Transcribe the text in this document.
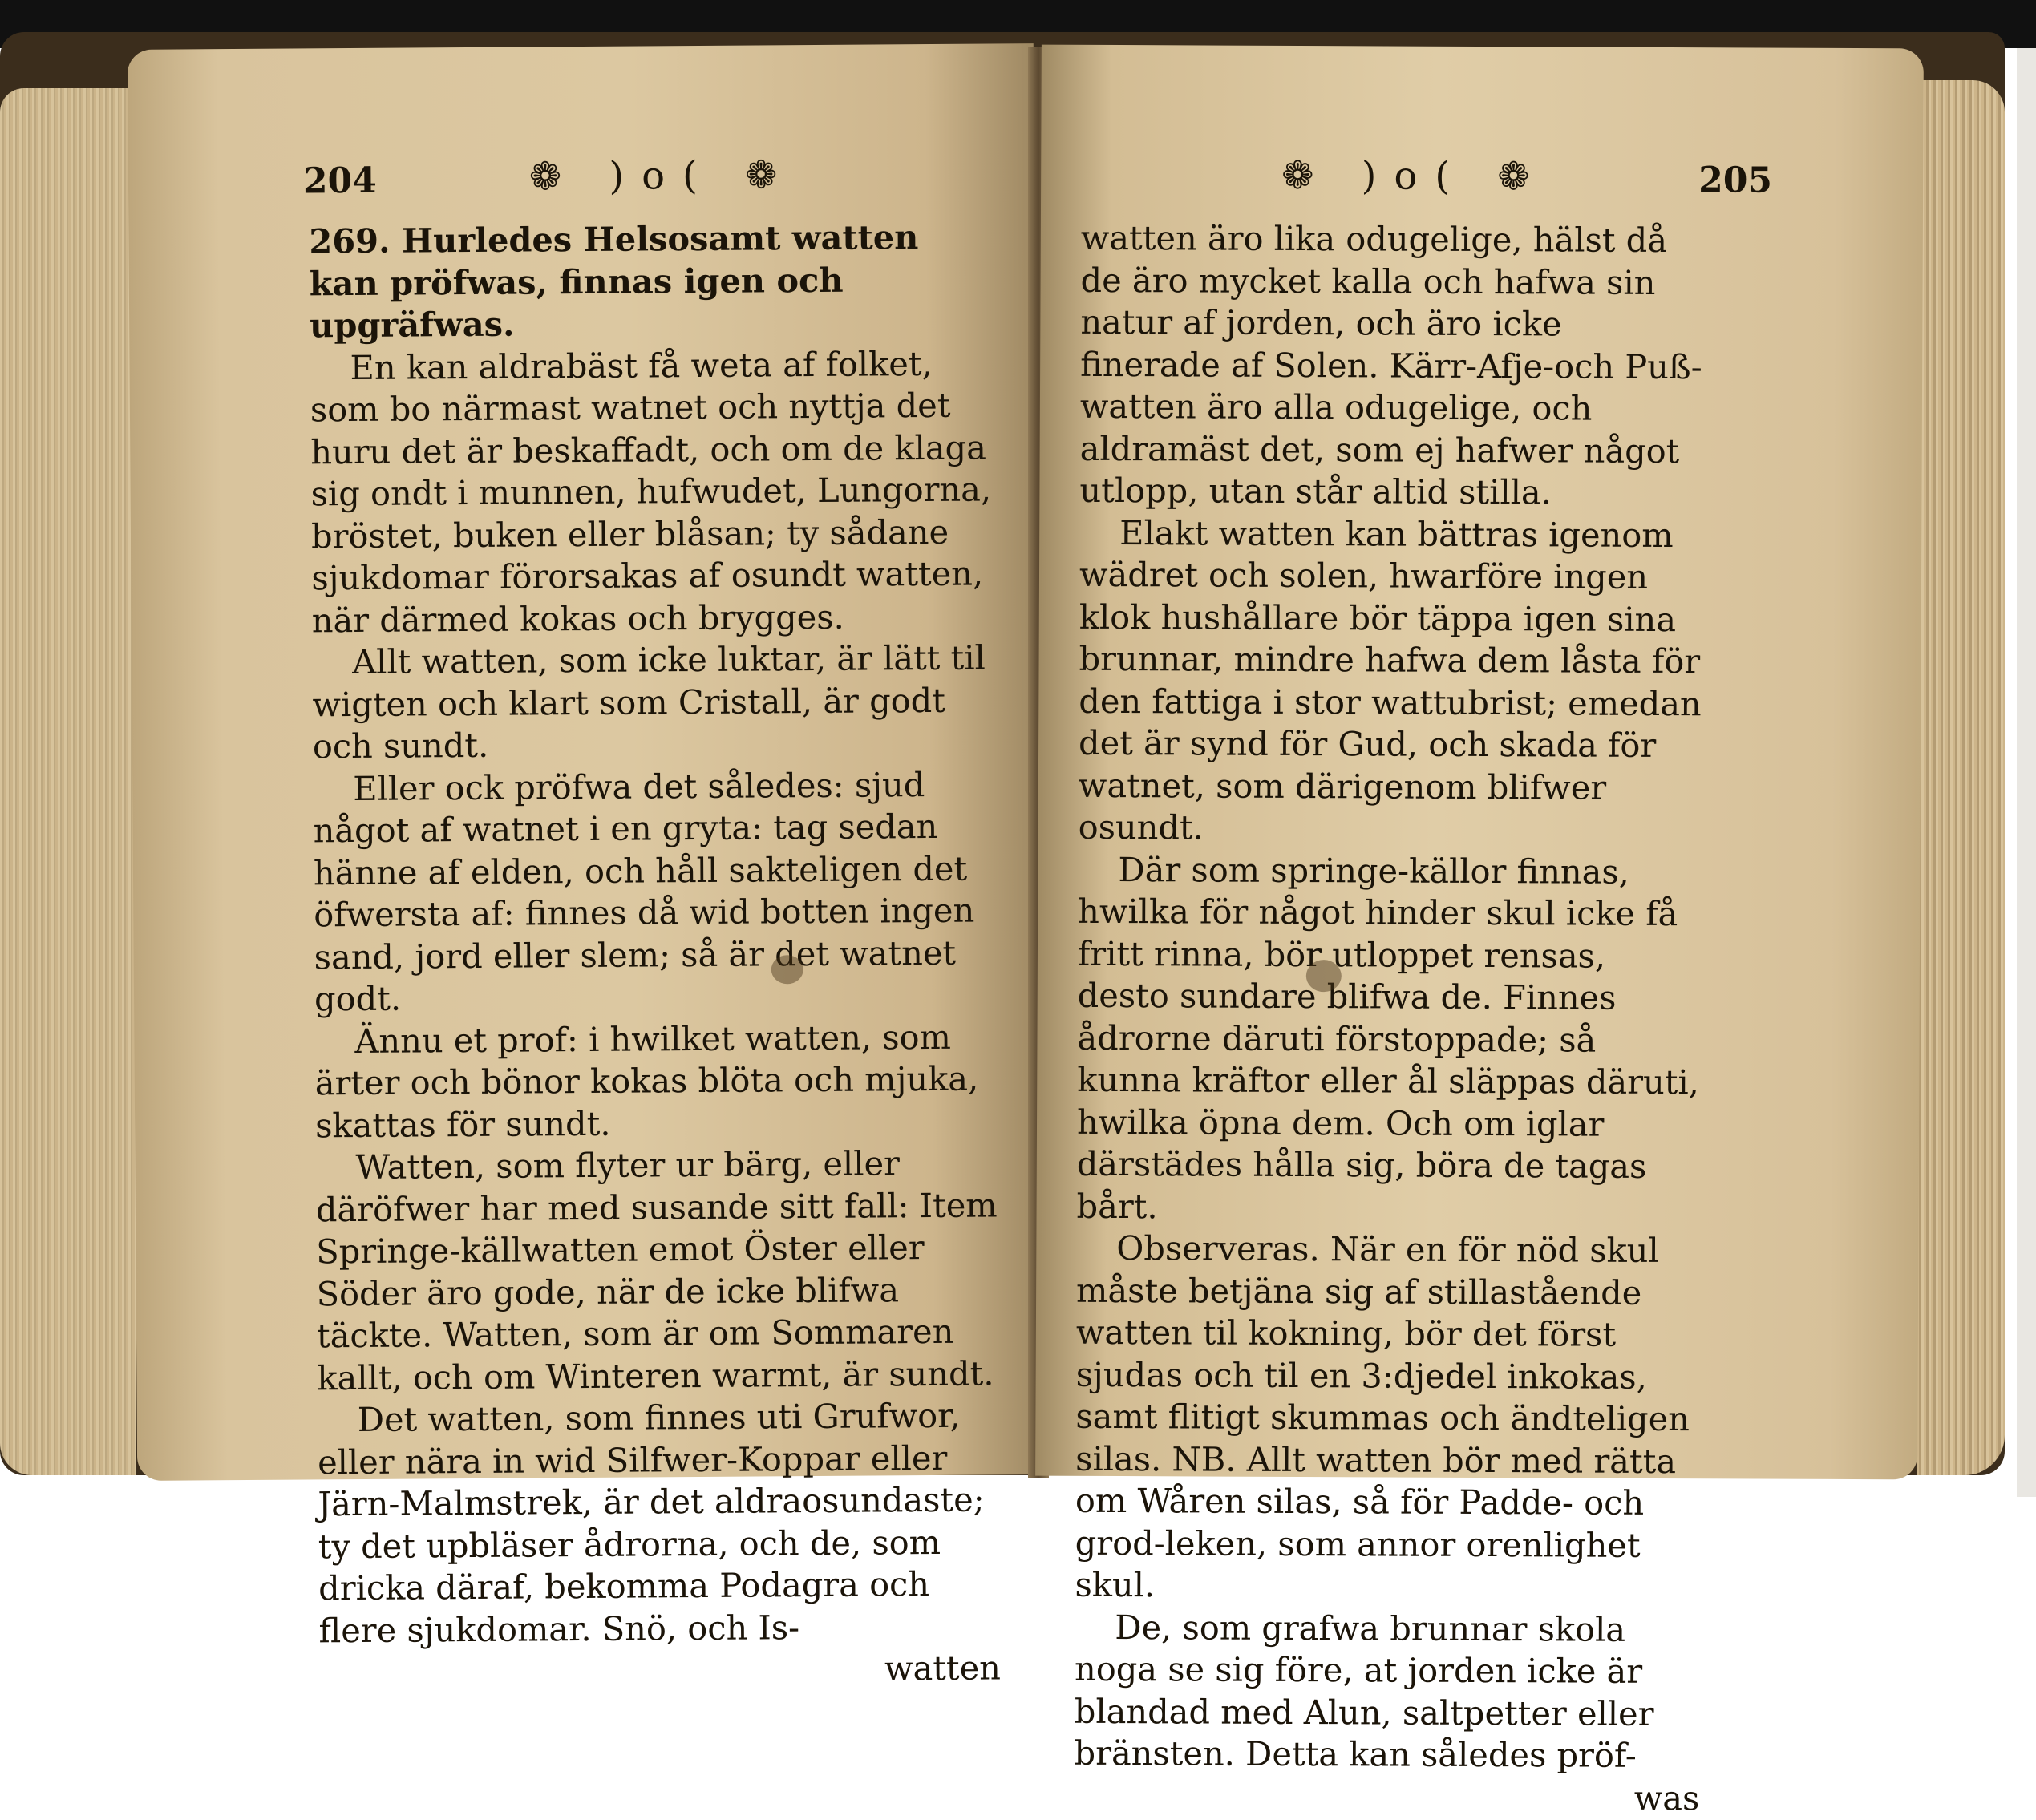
204	❁ )o( ❁

269. Hurledes Helsosamt watten kan pröfwas, finnas igen och upgräfwas.

En kan aldrabäst få weta af folket, som bo närmast watnet och nyttja det huru det är beskaffadt, och om de klaga sig ondt i munnen, hufwudet, Lungorna, bröstet, buken eller blåsan; ty sådane sjukdomar förorsakas af osundt watten, när därmed kokas och brygges.

Allt watten, som icke luktar, är lätt til wigten och klart som Cristall, är godt och sundt.

Eller ock pröfwa det således: sjud något af watnet i en gryta: tag sedan hänne af elden, och håll sakteligen det öfwersta af: finnes då wid botten ingen sand, jord eller slem; så är det watnet godt.

Ännu et prof: i hwilket watten, som ärter och bönor kokas blöta och mjuka, skattas för sundt.

Watten, som flyter ur bärg, eller däröfwer har med susande sitt fall: Item Springe-källwatten emot Öster eller Söder äro gode, när de icke blifwa täckte. Watten, som är om Sommaren kallt, och om Winteren warmt, är sundt.

Det watten, som finnes uti Grufwor, eller nära in wid Silfwer-Koppar eller Järn-Malmstrek, är det aldraosundaste; ty det upbläser ådrorna, och de, som dricka däraf, bekomma Podagra och flere sjukdomar. Snö, och Is-

watten

❁ )o( ❁	205

watten äro lika odugelige, hälst då de äro mycket kalla och hafwa sin natur af jorden, och äro icke finerade af Solen. Kärr-Afje-och Puß-watten äro alla odugelige, och aldramäst det, som ej hafwer något utlopp, utan står altid stilla.

Elakt watten kan bättras igenom wädret och solen, hwarföre ingen klok hushållare bör täppa igen sina brunnar, mindre hafwa dem låsta för den fattiga i stor wattubrist; emedan det är synd för Gud, och skada för watnet, som därigenom blifwer osundt.

Där som springe-källor finnas, hwilka för något hinder skul icke få fritt rinna, bör utloppet rensas, desto sundare blifwa de. Finnes ådrorne däruti förstoppade; så kunna kräftor eller ål släppas däruti, hwilka öpna dem. Och om iglar därstädes hålla sig, böra de tagas bårt.

Observeras. När en för nöd skul måste betjäna sig af stillastående watten til kokning, bör det först sjudas och til en 3:djedel inkokas, samt flitigt skummas och ändteligen silas. NB. Allt watten bör med rätta om Wåren silas, så för Padde- och grod-leken, som annor orenlighet skul.

De, som grafwa brunnar skola noga se sig före, at jorden icke är blandad med Alun, saltpetter eller bränsten. Detta kan således pröf-

was
